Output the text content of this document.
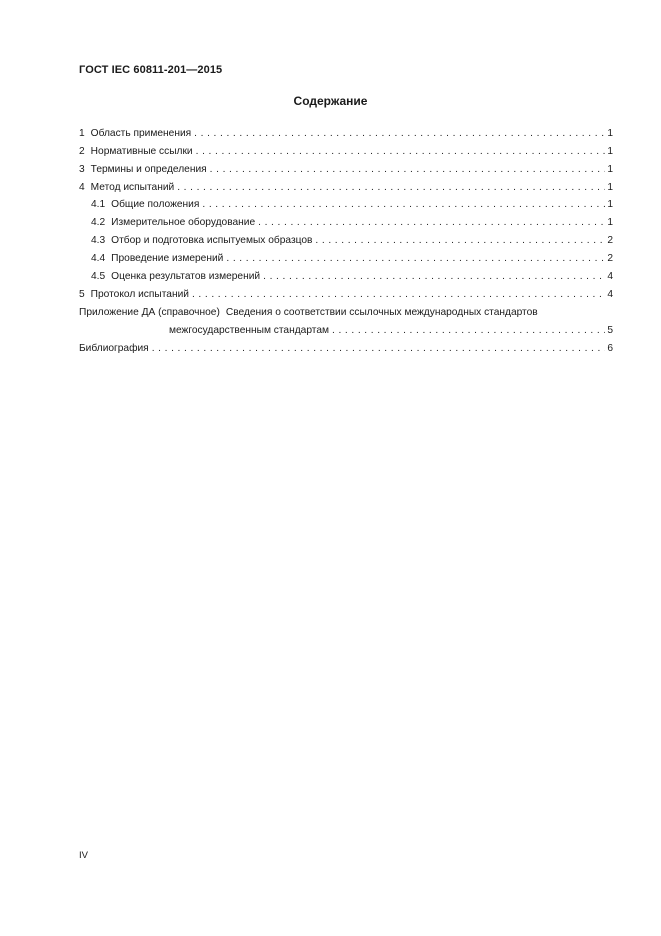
ГОСТ IEC 60811-201—2015
Содержание
1 Область применения . . .	1
2 Нормативные ссылки . . .	1
3 Термины и определения . . .	1
4 Метод испытаний . . .	1
4.1 Общие положения . . .	1
4.2 Измерительное оборудование . . .	1
4.3 Отбор и подготовка испытуемых образцов . . .	2
4.4 Проведение измерений . . .	2
4.5 Оценка результатов измерений . . .	4
5 Протокол испытаний . . .	4
Приложение ДА (справочное) Сведения о соответствии ссылочных международных стандартов
межгосударственным стандартам . . .	5
Библиография . . .	6
IV
